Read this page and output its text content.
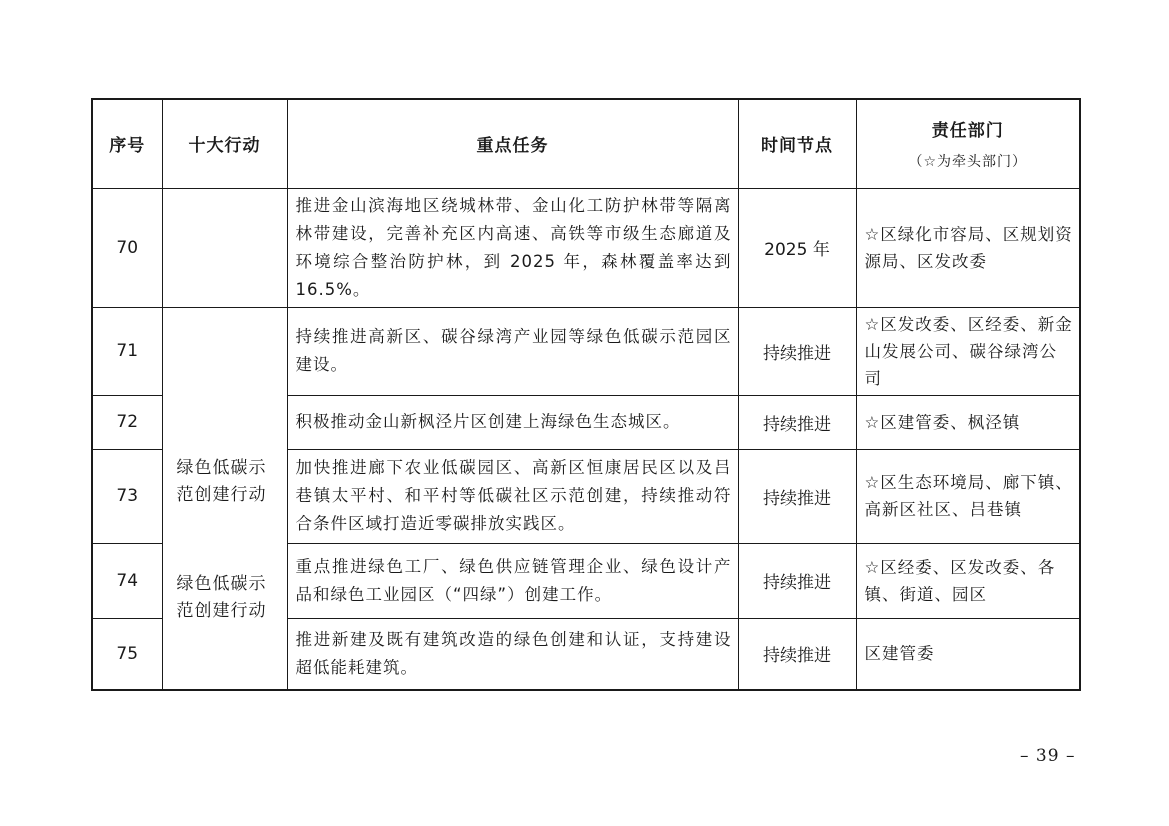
序号	十大行动	重点任务	时间节点	责任部门
（☆为牵头部门）

70		推进金山滨海地区绕城林带、金山化工防护林带等隔离林带建设，完善补充区内高速、高铁等市级生态廊道及环境综合整治防护林，到 2025 年，森林覆盖率达到 16.5%。	2025 年	☆区绿化市容局、区规划资源局、区发改委
71	绿色低碳示范创建行动	持续推进高新区、碳谷绿湾产业园等绿色低碳示范园区建设。	持续推进	☆区发改委、区经委、新金山发展公司、碳谷绿湾公司
72		积极推动金山新枫泾片区创建上海绿色生态城区。	持续推进	☆区建管委、枫泾镇
73		加快推进廊下农业低碳园区、高新区恒康居民区以及吕巷镇太平村、和平村等低碳社区示范创建，持续推动符合条件区域打造近零碳排放实践区。	持续推进	☆区生态环境局、廊下镇、高新区社区、吕巷镇
74	绿色低碳示范创建行动	重点推进绿色工厂、绿色供应链管理企业、绿色设计产品和绿色工业园区（“四绿”）创建工作。	持续推进	☆区经委、区发改委、各镇、街道、园区
75		推进新建及既有建筑改造的绿色创建和认证，支持建设超低能耗建筑。	持续推进	区建管委
– 39 –
